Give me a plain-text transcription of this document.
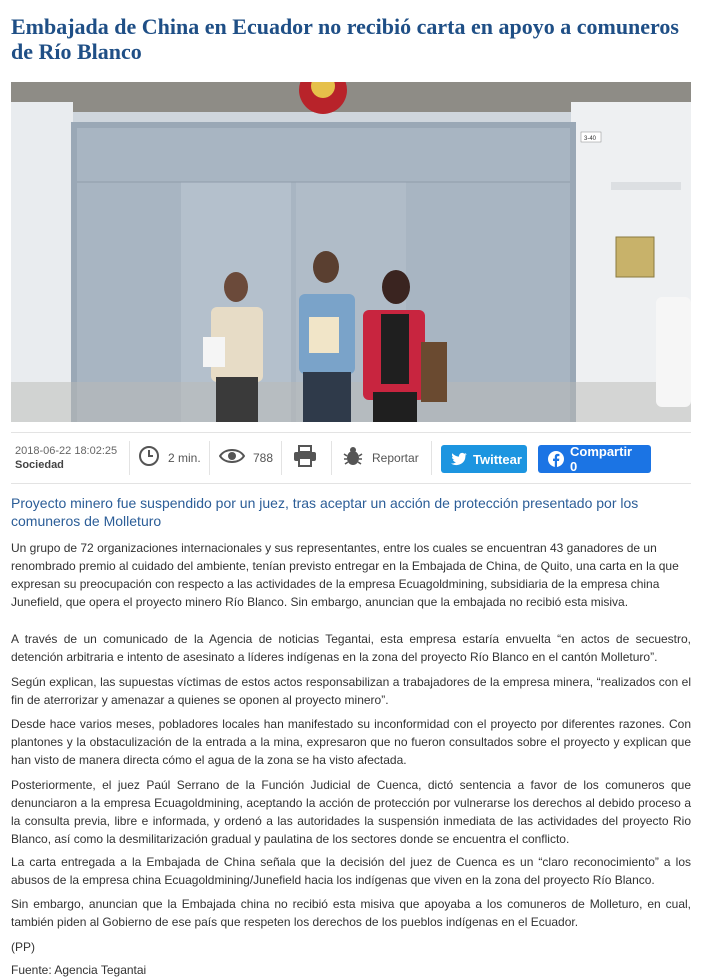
Embajada de China en Ecuador no recibió carta en apoyo a comuneros de Río Blanco
3-40
2018-06-22 18:02:25
Sociedad	2 min.	788	Reportar	Twittear	Compartir 0

Proyecto minero fue suspendido por un juez, tras aceptar un acción de protección presentado por los comuneros de Molleturo

Un grupo de 72 organizaciones internacionales y sus representantes, entre los cuales se encuentran 43 ganadores de un renombrado premio al cuidado del ambiente, tenían previsto entregar en la Embajada de China, de Quito, una carta en la que expresan su preocupación con respecto a las actividades de la empresa Ecuagoldmining, subsidiaria de la empresa china Junefield, que opera el proyecto minero Río Blanco. Sin embargo, anuncian que la embajada no recibió esta misiva.

A través de un comunicado de la Agencia de noticias Tegantai, esta empresa estaría envuelta “en actos de secuestro, detención arbitraria e intento de asesinato a líderes indígenas en la zona del proyecto Río Blanco en el cantón Molleturo”.

Según explican, las supuestas víctimas de estos actos responsabilizan a trabajadores de la empresa minera, “realizados con el fin de aterrorizar y amenazar a quienes se oponen al proyecto minero”.

Desde hace varios meses, pobladores locales han manifestado su inconformidad con el proyecto por diferentes razones. Con plantones y la obstaculización de la entrada a la mina, expresaron que no fueron consultados sobre el proyecto y explican que han visto de manera directa cómo el agua de la zona se ha visto afectada.

Posteriormente, el juez Paúl Serrano de la Función Judicial de Cuenca, dictó sentencia a favor de los comuneros que denunciaron a la empresa Ecuagoldmining, aceptando la acción de protección por vulnerarse los derechos al debido proceso a la consulta previa, libre e informada, y ordenó a las autoridades la suspensión inmediata de las actividades del proyecto Rio Blanco, así como la desmilitarización gradual y paulatina de los sectores donde se encuentra el conflicto.

La carta entregada a la Embajada de China señala que la decisión del juez de Cuenca es un “claro reconocimiento” a los abusos de la empresa china Ecuagoldmining/Junefield hacia los indígenas que viven en la zona del proyecto Río Blanco.

Sin embargo, anuncian que la Embajada china no recibió esta misiva que apoyaba a los comuneros de Molleturo, en cual, también piden al Gobierno de ese país que respeten los derechos de los pueblos indígenas en el Ecuador.

(PP)

Fuente: Agencia Tegantai
